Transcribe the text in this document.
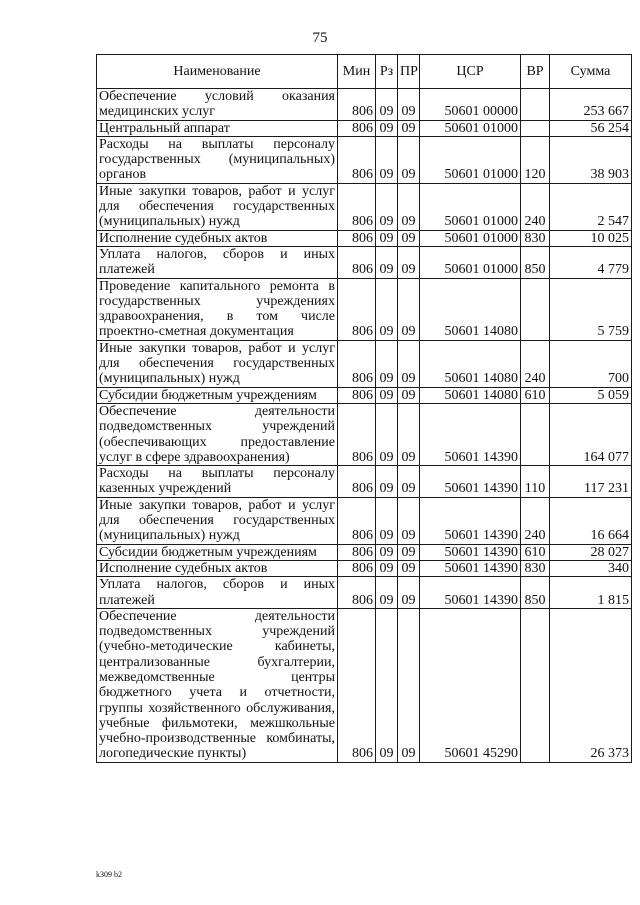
75
Наименование	Мин	Рз	ПР	ЦСР	ВР	Сумма
Обеспечение условий оказания медицинских услуг	806	09	09	50601 00000		253 667
Центральный аппарат	806	09	09	50601 01000		56 254
Расходы на выплаты персоналу государственных (муниципальных) органов	806	09	09	50601 01000	120	38 903
Иные закупки товаров, работ и услуг для обеспечения государственных (муниципальных) нужд	806	09	09	50601 01000	240	2 547
Исполнение судебных актов	806	09	09	50601 01000	830	10 025
Уплата налогов, сборов и иных платежей	806	09	09	50601 01000	850	4 779
Проведение капитального ремонта в государственных учреждениях здравоохранения, в том числе проектно-сметная документация	806	09	09	50601 14080		5 759
Иные закупки товаров, работ и услуг для обеспечения государственных (муниципальных) нужд	806	09	09	50601 14080	240	700
Субсидии бюджетным учреждениям	806	09	09	50601 14080	610	5 059
Обеспечение деятельности подведомственных учреждений (обеспечивающих предоставление услуг в сфере здравоохранения)	806	09	09	50601 14390		164 077
Расходы на выплаты персоналу казенных учреждений	806	09	09	50601 14390	110	117 231
Иные закупки товаров, работ и услуг для обеспечения государственных (муниципальных) нужд	806	09	09	50601 14390	240	16 664
Субсидии бюджетным учреждениям	806	09	09	50601 14390	610	28 027
Исполнение судебных актов	806	09	09	50601 14390	830	340
Уплата налогов, сборов и иных платежей	806	09	09	50601 14390	850	1 815
Обеспечение деятельности подведомственных учреждений (учебно-методические кабинеты, централизованные бухгалтерии, межведомственные центры бюджетного учета и отчетности, группы хозяйственного обслуживания, учебные фильмотеки, межшкольные учебно-производственные комбинаты, логопедические пункты)	806	09	09	50601 45290		26 373
k309 b2
